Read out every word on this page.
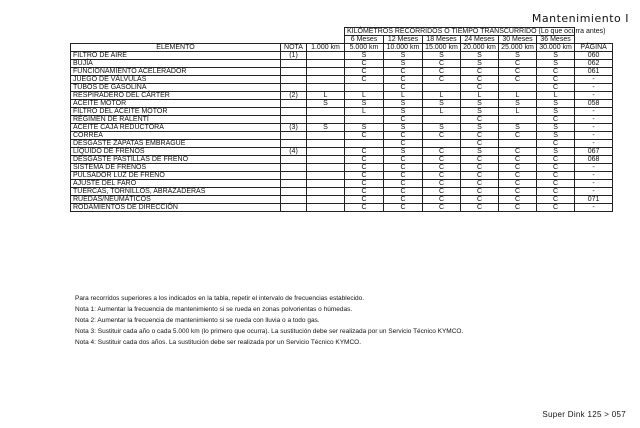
Mantenimiento I
			KILÓMETROS RECORRIDOS O TIEMPO TRANSCURRIDO (Lo que ocurra antes)						
			6 Meses	12 Meses	18 Meses	24 Meses	30 Meses	36 Meses	
ELEMENTO	NOTA	1.000 km	5.000 km	10.000 km	15.000 km	20.000 km	25.000 km	30.000 km	PÁGINA
FILTRO DE AIRE	(1)		S	S	S	S	S	S	060
BUJÍA			C	S	C	S	C	S	062
FUNCIONAMIENTO ACELERADOR			C	C	C	C	C	C	061
JUEGO DE VÁLVULAS			C	C	C	C	C	C	-
TUBOS DE GASOLINA				C		C		C	-
RESPIRADERO DEL CÁRTER	(2)	L	L	L	L	L	L	L	-
ACEITE MOTOR		S	S	S	S	S	S	S	058
FILTRO DEL ACEITE MOTOR			L	S	L	S	L	S	-
RÉGIMEN DE RALENTÍ				C		C		C	-
ACEITE CAJA REDUCTORA	(3)	S	S	S	S	S	S	S	-
CORREA			C	C	C	C	C	S	-
DESGASTE ZAPATAS EMBRAGUE				C		C		C	-
LÍQUIDO DE FRENOS	(4)		C	S	C	S	C	S	067
DESGASTE PASTILLAS DE FRENO			C	C	C	C	C	C	068
SISTEMA DE FRENOS			C	C	C	C	C	C	-
PULSADOR LUZ DE FRENO			C	C	C	C	C	C	-
AJUSTE DEL FARO			C	C	C	C	C	C	-
TUERCAS, TORNILLOS, ABRAZADERAS			C	C	C	C	C	C	-
RUEDAS/NEUMÁTICOS			C	C	C	C	C	C	071
RODAMIENTOS DE DIRECCIÓN			C	C	C	C	C	C	-

Para recorridos superiores a los indicados en la tabla, repetir el intervalo de frecuencias establecido.

Nota 1: Aumentar la frecuencia de mantenimiento si se rueda en zonas polvorientas o húmedas.

Nota 2: Aumentar la frecuencia de mantenimiento si se rueda con lluvia o a todo gas.

Nota 3: Sustituir cada año o cada 5.000 km (lo primero que ocurra). La sustitución debe ser realizada por un Servicio Técnico KYMCO.

Nota 4: Sustituir cada dos años. La sustitución debe ser realizada por un Servicio Técnico KYMCO.

Super Dink 125 > 057
